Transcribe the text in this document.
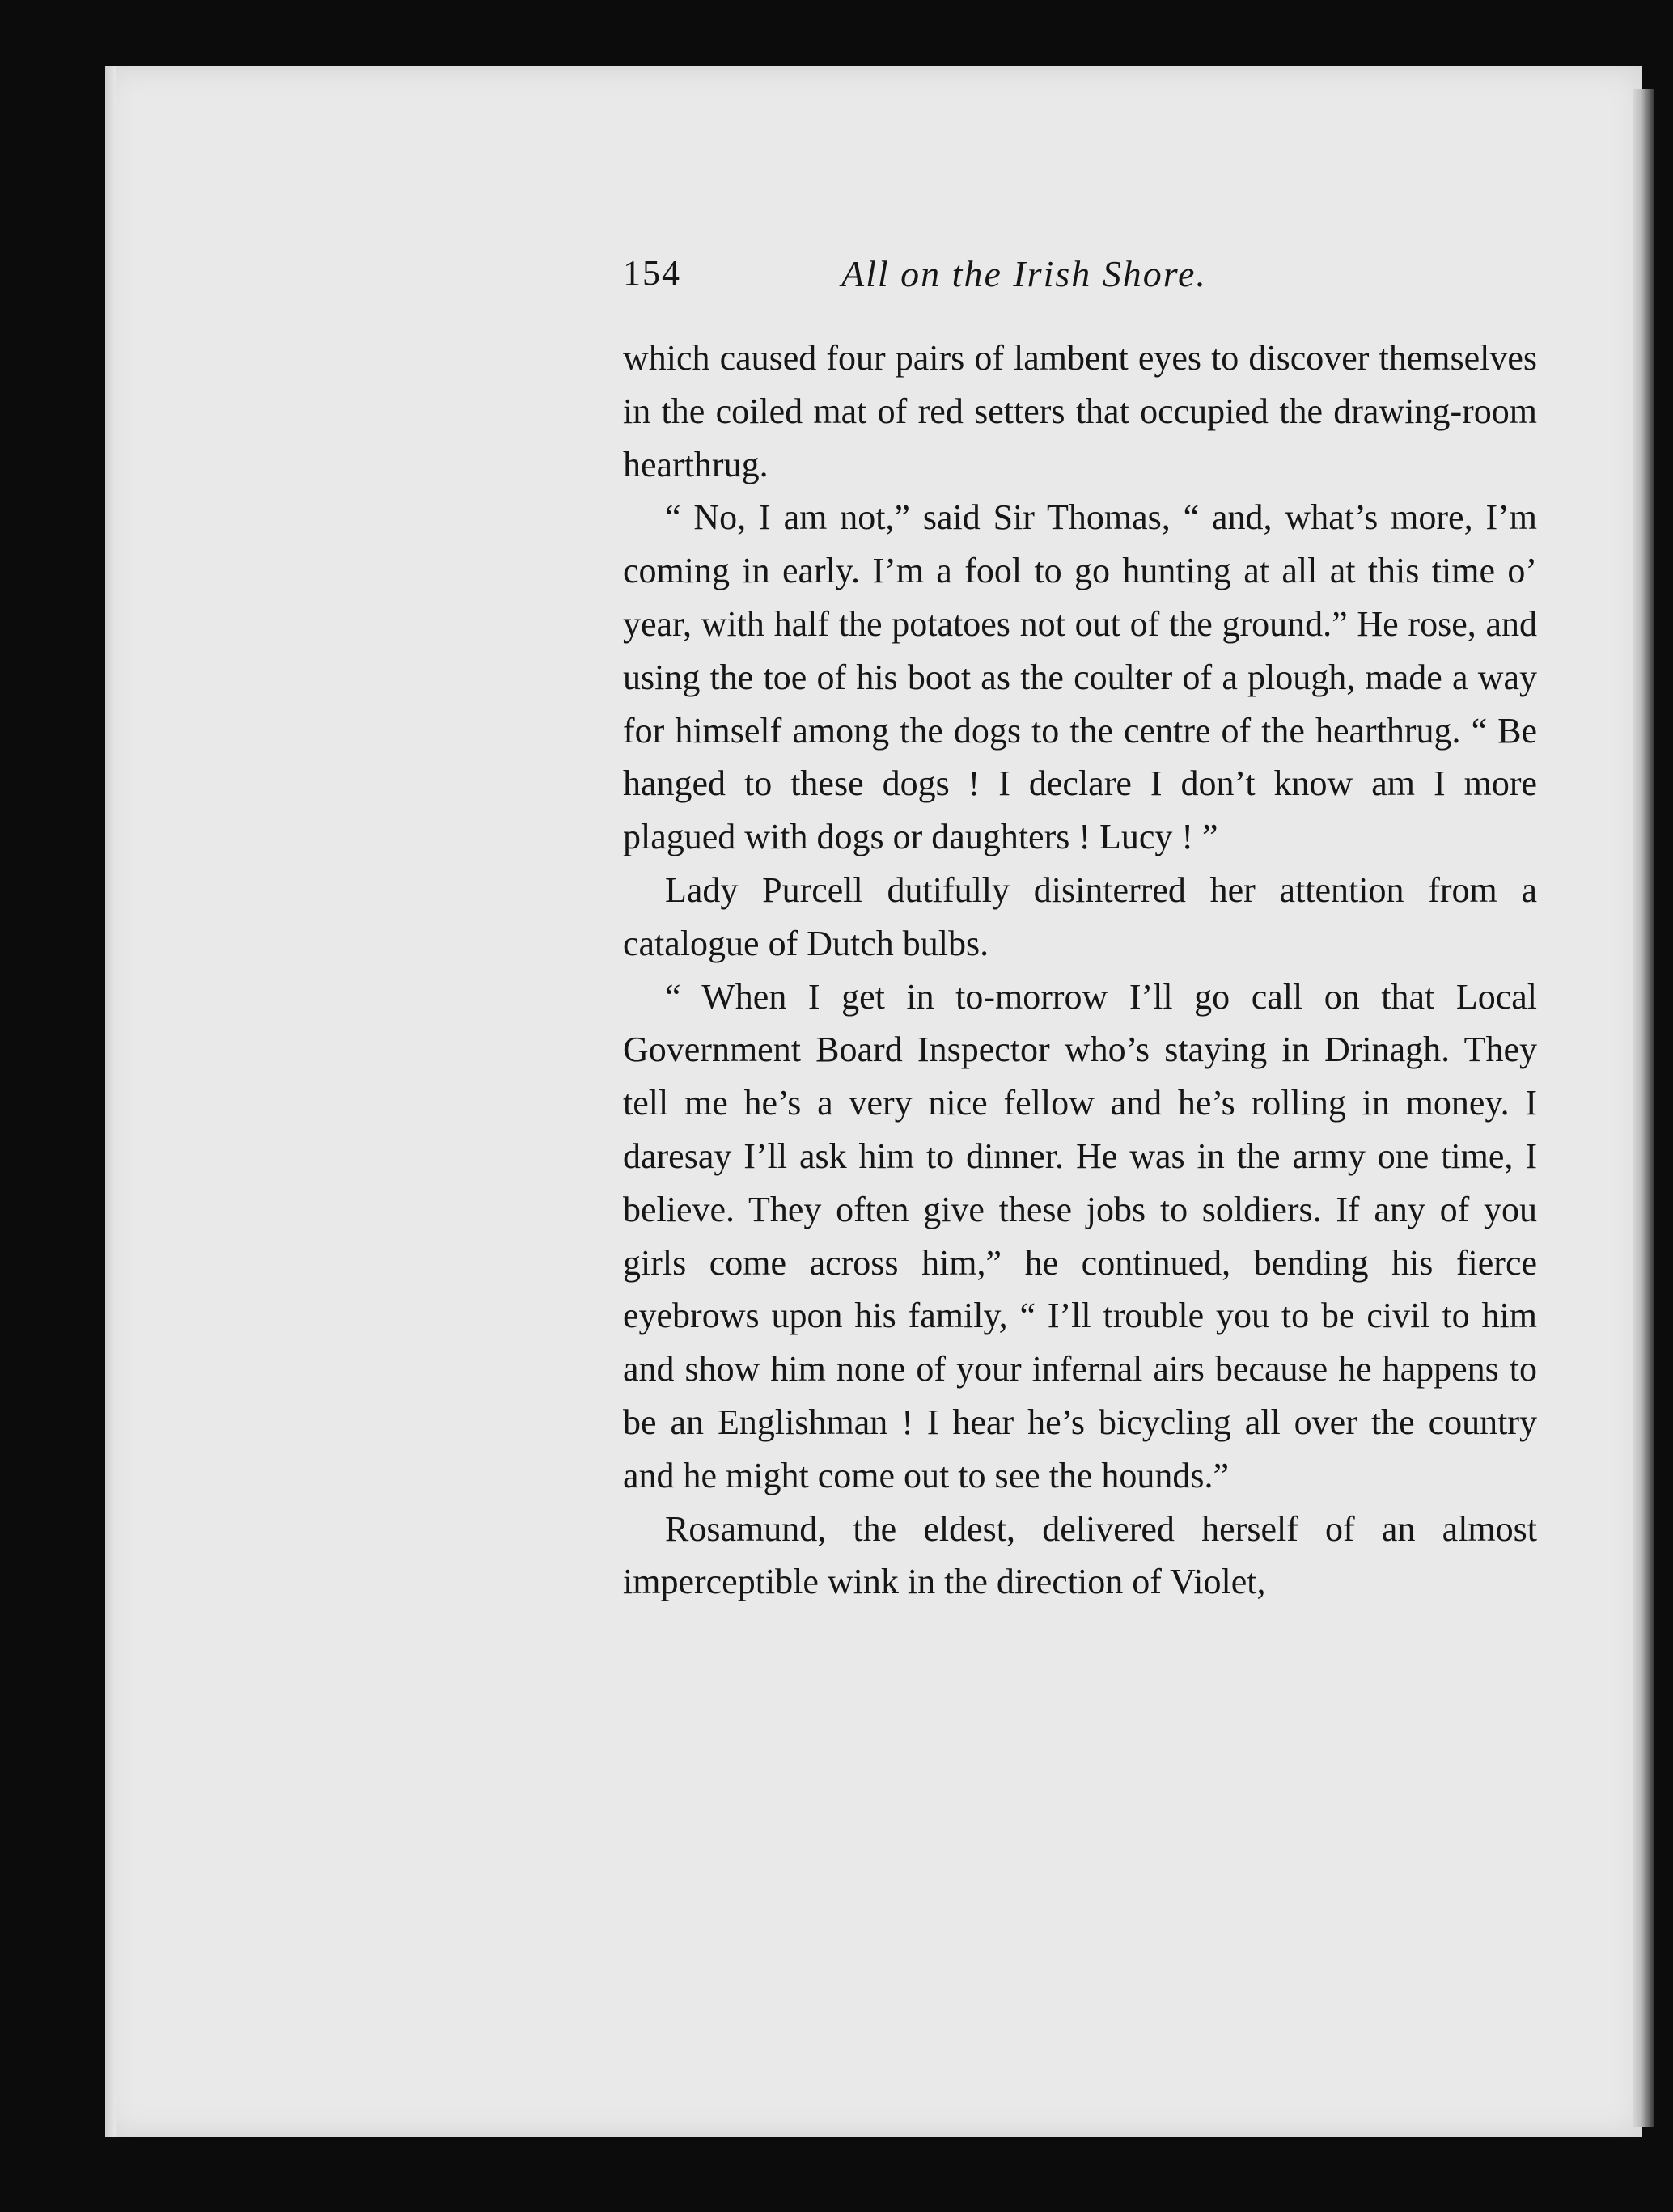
154	All on the Irish Shore.

which caused four pairs of lambent eyes to discover themselves in the coiled mat of red setters that occupied the drawing-room hearthrug.

“ No, I am not,” said Sir Thomas, “ and, what’s more, I’m coming in early. I’m a fool to go hunting at all at this time o’ year, with half the potatoes not out of the ground.” He rose, and using the toe of his boot as the coulter of a plough, made a way for himself among the dogs to the centre of the hearthrug. “ Be hanged to these dogs ! I declare I don’t know am I more plagued with dogs or daughters ! Lucy ! ”

Lady Purcell dutifully disinterred her attention from a catalogue of Dutch bulbs.

“ When I get in to-morrow I’ll go call on that Local Government Board Inspector who’s staying in Drinagh. They tell me he’s a very nice fellow and he’s rolling in money. I daresay I’ll ask him to dinner. He was in the army one time, I believe. They often give these jobs to soldiers. If any of you girls come across him,” he continued, bending his fierce eyebrows upon his family, “ I’ll trouble you to be civil to him and show him none of your infernal airs because he happens to be an Englishman ! I hear he’s bicycling all over the country and he might come out to see the hounds.”

Rosamund, the eldest, delivered herself of an almost imperceptible wink in the direction of Violet,
